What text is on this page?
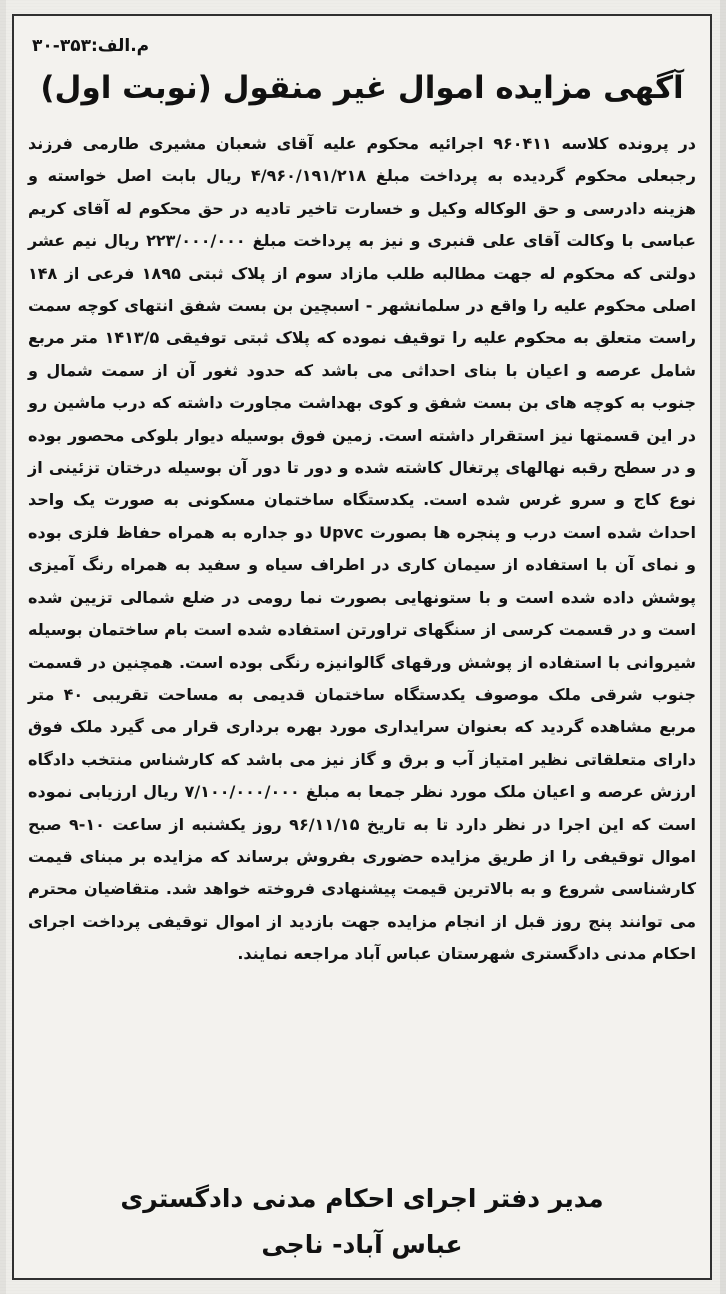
م.الف:۳۵۳-۳۰
آگهی مزایده اموال غیر منقول (نوبت اول)

در پرونده کلاسه ۹۶۰۴۱۱ اجرائیه محکوم علیه آقای شعبان مشیری طارمی فرزند رجبعلی محکوم گردیده به پرداخت مبلغ ۴/۹۶۰/۱۹۱/۲۱۸ ریال بابت اصل خواسته و هزینه دادرسی و حق الوکاله وکیل و خسارت تاخیر تادیه در حق محکوم له آقای کریم عباسی با وکالت آقای علی قنبری و نیز به پرداخت مبلغ ۲۲۳/۰۰۰/۰۰۰ ریال نیم عشر دولتی که محکوم له جهت مطالبه طلب مازاد سوم از پلاک ثبتی ۱۸۹۵ فرعی از ۱۴۸ اصلی محکوم علیه را واقع در سلمانشهر - اسبچین بن بست شفق انتهای کوچه سمت راست متعلق به محکوم علیه را توقیف نموده که پلاک ثبتی توفیقی ۱۴۱۳/۵ متر مربع شامل عرصه و اعیان با بنای احداثی می باشد که حدود ثغور آن از سمت شمال و جنوب به کوچه های بن بست شفق و کوی بهداشت مجاورت داشته که درب ماشین رو در این قسمتها نیز استقرار داشته است. زمین فوق بوسیله دیوار بلوکی محصور بوده و در سطح رقبه نهالهای پرتغال کاشته شده و دور تا دور آن بوسیله درختان تزئینی از نوع کاج و سرو غرس شده است. یکدستگاه ساختمان مسکونی به صورت یک واحد احداث شده است درب و پنجره ها بصورت Upvc دو جداره به همراه حفاظ فلزی بوده و نمای آن با استفاده از سیمان کاری در اطراف سیاه و سفید به همراه رنگ آمیزی پوشش داده شده است و با ستونهایی بصورت نما رومی در ضلع شمالی تزیین شده است و در قسمت کرسی از سنگهای تراورتن استفاده شده است بام ساختمان بوسیله شیروانی با استفاده از پوشش ورقهای گالوانیزه رنگی بوده است. همچنین در قسمت جنوب شرقی ملک موصوف یکدستگاه ساختمان قدیمی به مساحت تقریبی ۴۰ متر مربع مشاهده گردید که بعنوان سرایداری مورد بهره برداری قرار می گیرد ملک فوق دارای متعلقاتی نظیر امتیاز آب و برق و گاز نیز می باشد که کارشناس منتخب دادگاه ارزش عرصه و اعیان ملک مورد نظر جمعا به مبلغ ۷/۱۰۰/۰۰۰/۰۰۰ ریال ارزیابی نموده است که این اجرا در نظر دارد تا به تاریخ ۹۶/۱۱/۱۵ روز یکشنبه از ساعت ۱۰-۹ صبح اموال توقیفی را از طریق مزایده حضوری بفروش برساند که مزایده بر مبنای قیمت کارشناسی شروع و به بالاترین قیمت پیشنهادی فروخته خواهد شد. متقاضیان محترم می توانند پنج روز قبل از انجام مزایده جهت بازدید از اموال توقیفی پرداخت اجرای احکام مدنی دادگستری شهرستان عباس آباد مراجعه نمایند.

مدیر دفتر اجرای احکام مدنی دادگستری
عباس آباد- ناجی
